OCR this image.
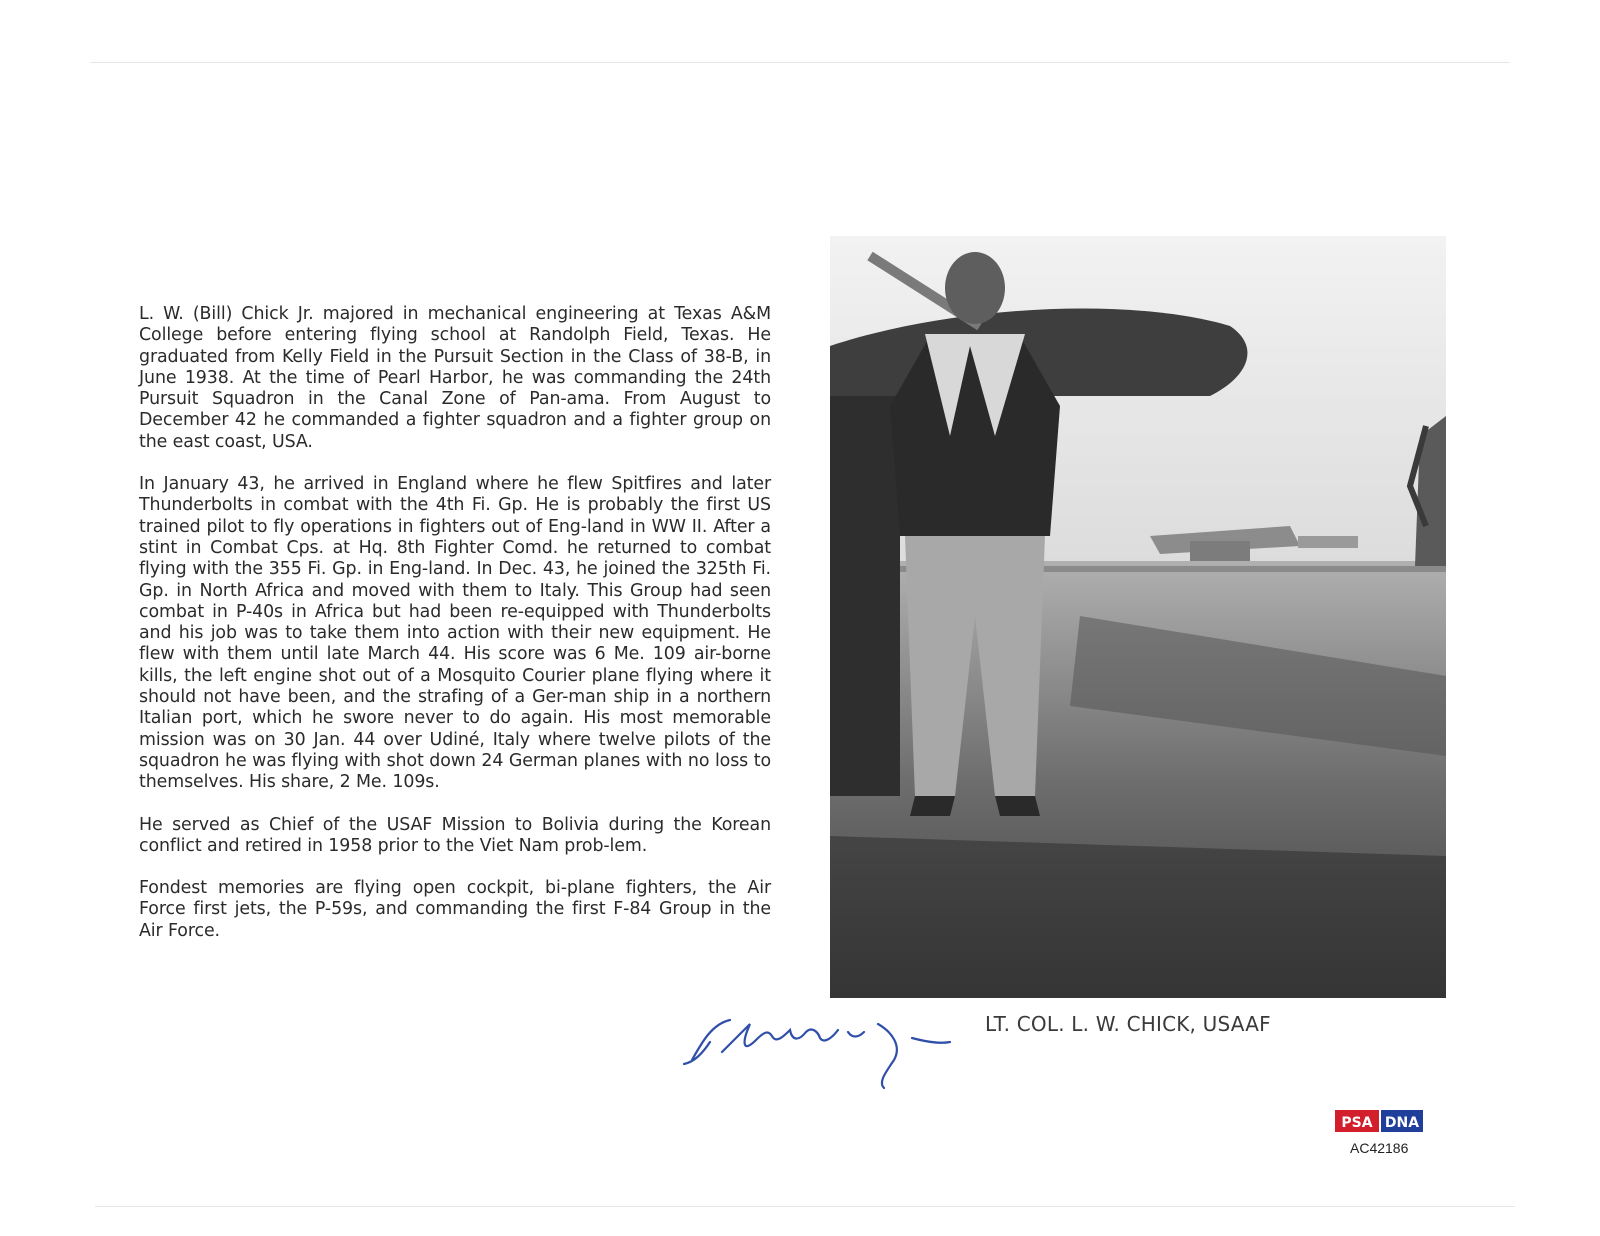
L. W. (Bill) Chick Jr. majored in mechanical engineering at Texas A&M College before entering flying school at Randolph Field, Texas. He graduated from Kelly Field in the Pursuit Section in the Class of 38-B, in June 1938. At the time of Pearl Harbor, he was commanding the 24th Pursuit Squadron in the Canal Zone of Pan-ama. From August to December 42 he commanded a fighter squadron and a fighter group on the east coast, USA.

In January 43, he arrived in England where he flew Spitfires and later Thunderbolts in combat with the 4th Fi. Gp. He is probably the first US trained pilot to fly operations in fighters out of Eng-land in WW II. After a stint in Combat Cps. at Hq. 8th Fighter Comd. he returned to combat flying with the 355 Fi. Gp. in Eng-land. In Dec. 43, he joined the 325th Fi. Gp. in North Africa and moved with them to Italy. This Group had seen combat in P-40s in Africa but had been re-equipped with Thunderbolts and his job was to take them into action with their new equipment. He flew with them until late March 44. His score was 6 Me. 109 air-borne kills, the left engine shot out of a Mosquito Courier plane flying where it should not have been, and the strafing of a Ger-man ship in a northern Italian port, which he swore never to do again. His most memorable mission was on 30 Jan. 44 over Udiné, Italy where twelve pilots of the squadron he was flying with shot down 24 German planes with no loss to themselves. His share, 2 Me. 109s.

He served as Chief of the USAF Mission to Bolivia during the Korean conflict and retired in 1958 prior to the Viet Nam prob-lem.

Fondest memories are flying open cockpit, bi-plane fighters, the Air Force first jets, the P-59s, and commanding the first F-84 Group in the Air Force.

LT. COL. L. W. CHICK, USAAF
PSA DNA
AC42186
